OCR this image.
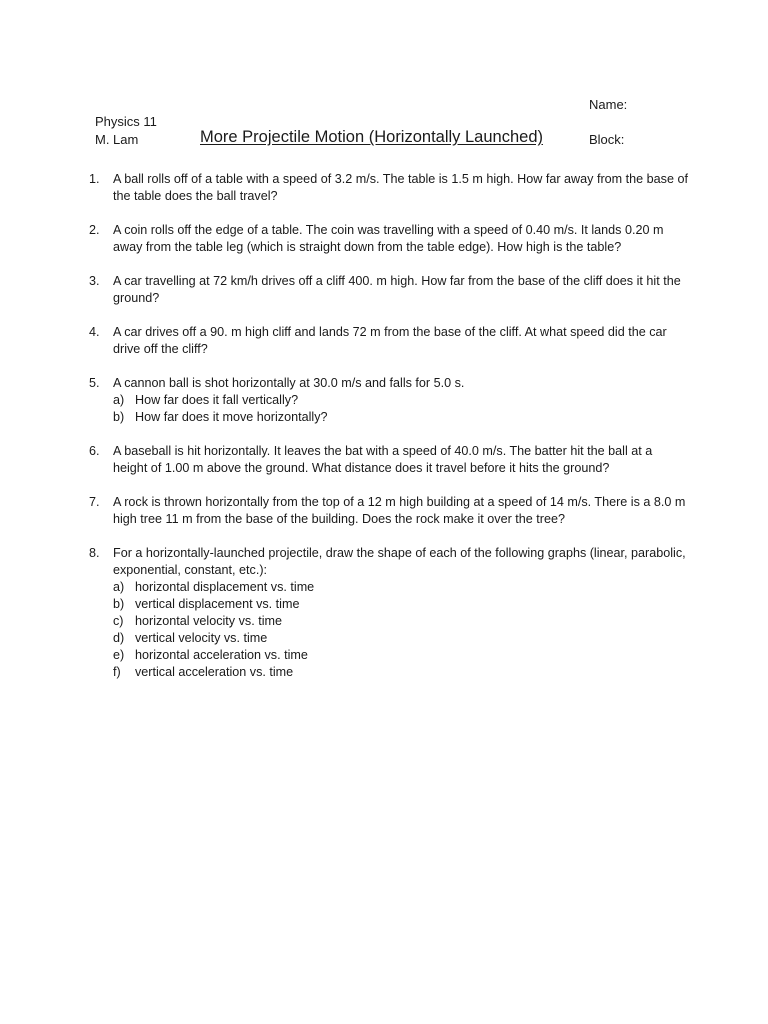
Name:
Physics 11
M. Lam	More Projectile Motion (Horizontally Launched)	Block:
1. A ball rolls off of a table with a speed of 3.2 m/s. The table is 1.5 m high. How far away from the base of the table does the ball travel?
2. A coin rolls off the edge of a table. The coin was travelling with a speed of 0.40 m/s. It lands 0.20 m away from the table leg (which is straight down from the table edge). How high is the table?
3. A car travelling at 72 km/h drives off a cliff 400. m high. How far from the base of the cliff does it hit the ground?
4. A car drives off a 90. m high cliff and lands 72 m from the base of the cliff. At what speed did the car drive off the cliff?
5. A cannon ball is shot horizontally at 30.0 m/s and falls for 5.0 s.
a) How far does it fall vertically?
b) How far does it move horizontally?
6. A baseball is hit horizontally. It leaves the bat with a speed of 40.0 m/s. The batter hit the ball at a height of 1.00 m above the ground. What distance does it travel before it hits the ground?
7. A rock is thrown horizontally from the top of a 12 m high building at a speed of 14 m/s. There is a 8.0 m high tree 11 m from the base of the building. Does the rock make it over the tree?
8. For a horizontally-launched projectile, draw the shape of each of the following graphs (linear, parabolic, exponential, constant, etc.):
a) horizontal displacement vs. time
b) vertical displacement vs. time
c) horizontal velocity vs. time
d) vertical velocity vs. time
e) horizontal acceleration vs. time
f) vertical acceleration vs. time
